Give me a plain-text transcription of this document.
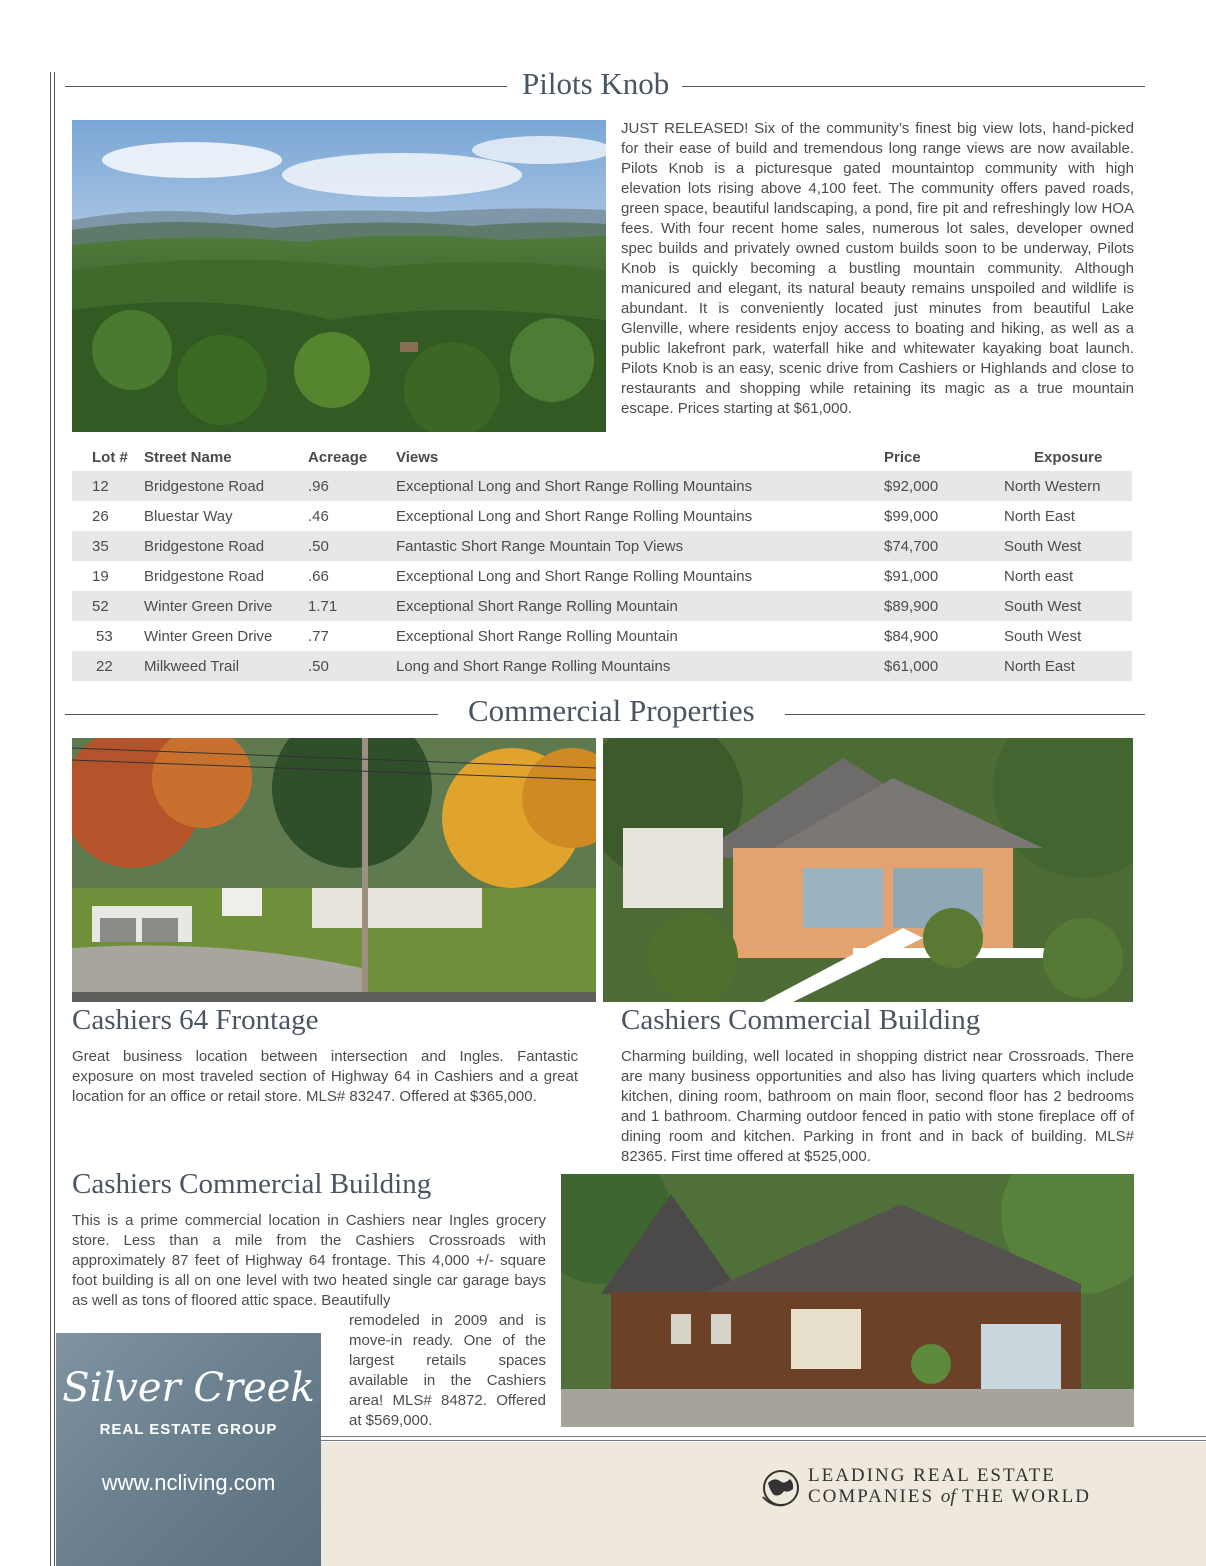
Pilots Knob
JUST RELEASED! Six of the community’s finest big view lots, hand-picked for their ease of build and tremendous long range views are now available. Pilots Knob is a picturesque gated mountaintop community with high elevation lots rising above 4,100 feet. The community offers paved roads, green space, beautiful landscaping, a pond, fire pit and refreshingly low HOA fees. With four recent home sales, numerous lot sales, developer owned spec builds and privately owned custom builds soon to be underway, Pilots Knob is quickly becoming a bustling mountain community. Although manicured and elegant, its natural beauty remains unspoiled and wildlife is abundant. It is conveniently located just minutes from beautiful Lake Glenville, where residents enjoy access to boating and hiking, as well as a public lakefront park, waterfall hike and whitewater kayaking boat launch. Pilots Knob is an easy, scenic drive from Cashiers or Highlands and close to restaurants and shopping while retaining its magic as a true mountain escape. Prices starting at $61,000.
Lot #	Street Name	Acreage	Views	Price	Exposure
12	Bridgestone Road	.96	Exceptional Long and Short Range Rolling Mountains	$92,000	North Western
26	Bluestar Way	.46	Exceptional Long and Short Range Rolling Mountains	$99,000	North East
35	Bridgestone Road	.50	Fantastic Short Range Mountain Top Views	$74,700	South West
19	Bridgestone Road	.66	Exceptional Long and Short Range Rolling Mountains	$91,000	North east
52	Winter Green Drive	1.71	Exceptional Short Range Rolling Mountain	$89,900	South West
53	Winter Green Drive	.77	Exceptional Short Range Rolling Mountain	$84,900	South West
22	Milkweed Trail	.50	Long and Short Range Rolling Mountains	$61,000	North East
Commercial Properties
Cashiers 64 Frontage
Great business location between intersection and Ingles. Fantastic exposure on most traveled section of Highway 64 in Cashiers and a great location for an office or retail store. MLS# 83247. Offered at $365,000.
Cashiers Commercial Building
Charming building, well located in shopping district near Crossroads. There are many business opportunities and also has living quarters which include kitchen, dining room, bathroom on main floor, second floor has 2 bedrooms and 1 bathroom. Charming outdoor fenced in patio with stone fireplace off of dining room and kitchen. Parking in front and in back of building. MLS# 82365. First time offered at $525,000.
Cashiers Commercial Building
This is a prime commercial location in Cashiers near Ingles grocery store. Less than a mile from the Cashiers Crossroads with approximately 87 feet of Highway 64 frontage. This 4,000 +/- square foot building is all on one level with two heated single car garage bays as well as tons of floored attic space. Beautifully
remodeled in 2009 and is move-in ready. One of the largest retails spaces available in the Cashiers area! MLS# 84872. Offered at $569,000.
Silver Creek
REAL ESTATE GROUP
www.ncliving.com	LEADING REAL ESTATE
COMPANIES of THE WORLD
